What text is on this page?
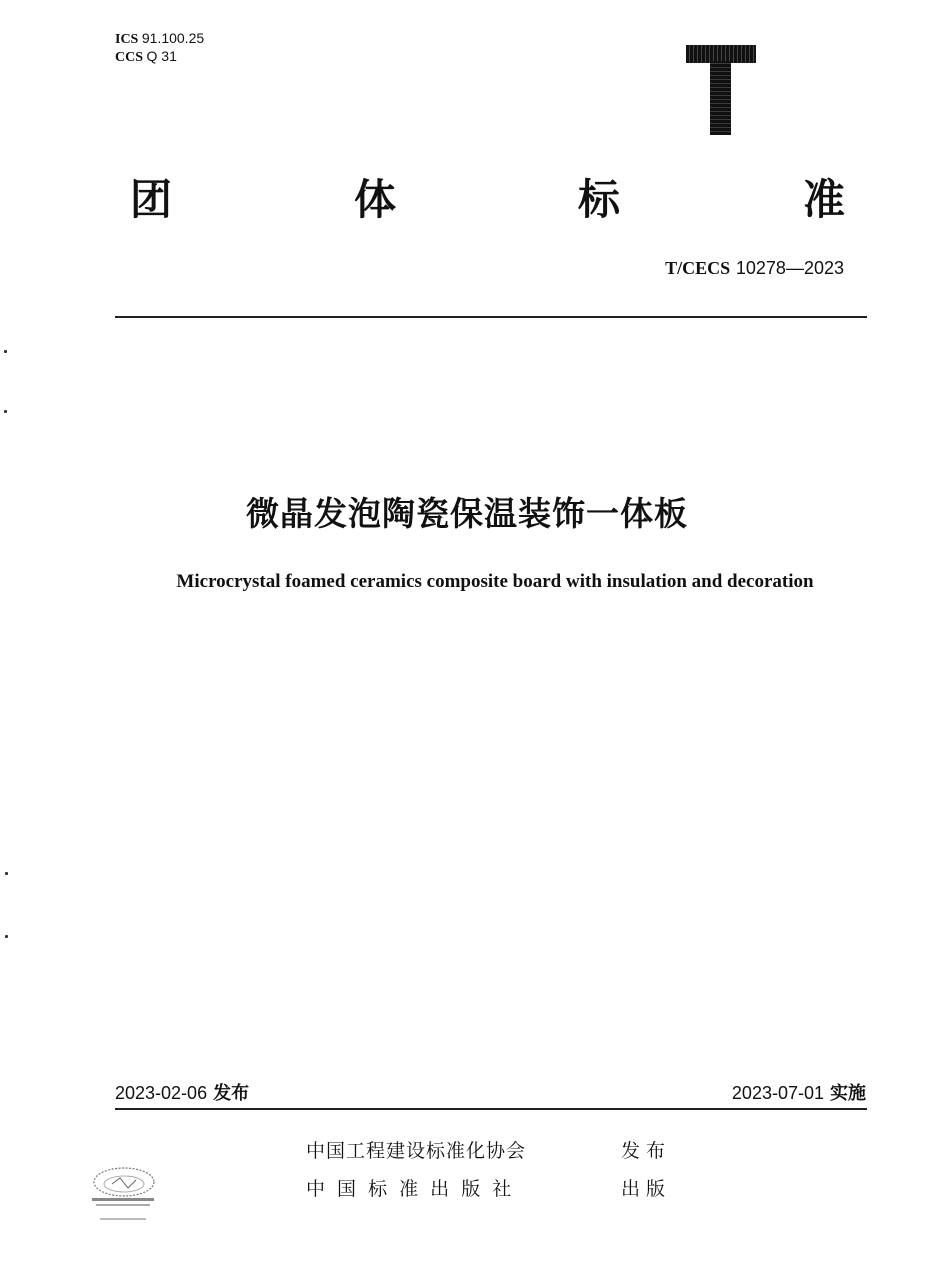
ICS 91.100.25
CCS Q 31
团	体	标	准
T/CECS 10278—2023
微晶发泡陶瓷保温装饰一体板
Microcrystal foamed ceramics composite board with insulation and decoration
2023-02-06 发布	2023-07-01 实施
中国工程建设标准化协会	发 布
中 国 标 准 出 版 社	出 版
